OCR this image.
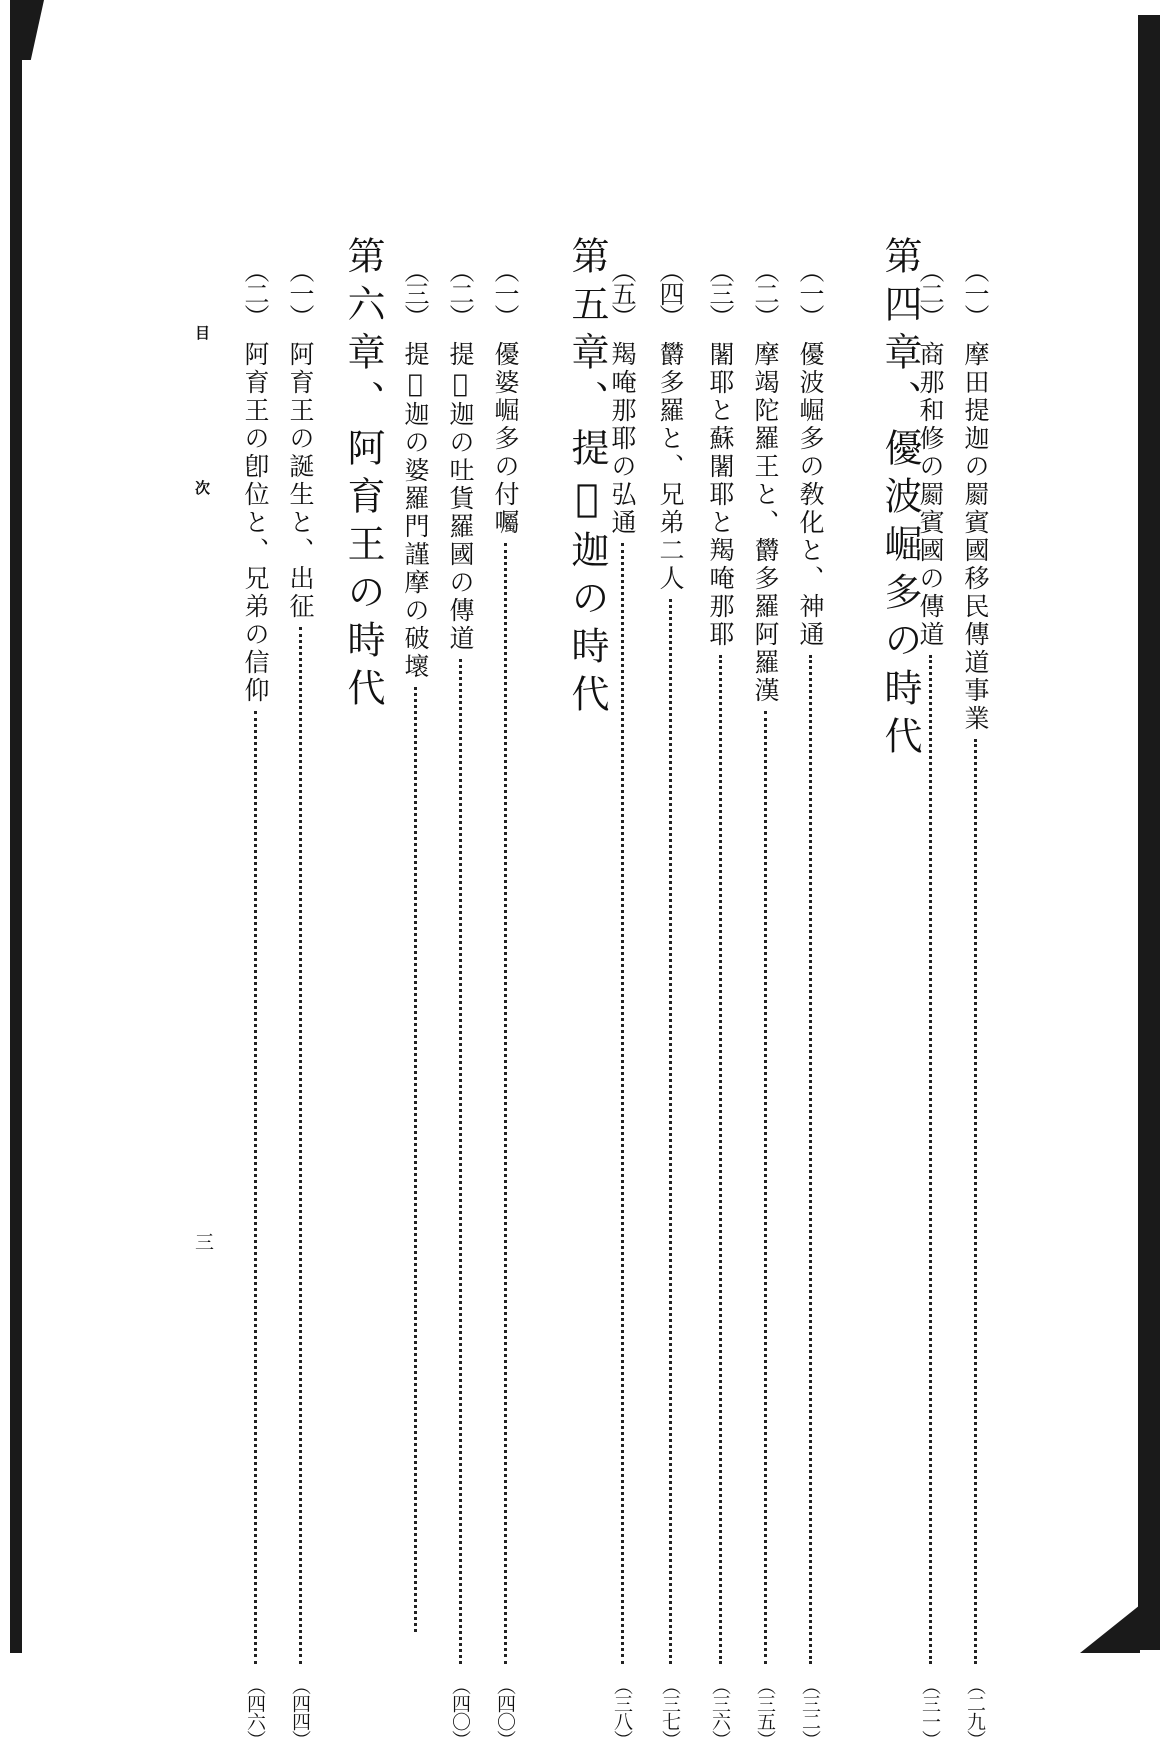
（一）
摩田提迦の罽賓國移民傳道事業
（二九）
（二）
商那和修の罽賓國の傳道
（三一）
第四章、優波崛多の時代
（一）
優波崛多の敎化と、神通
（三二）
（二）
摩竭陀羅王と、欝多羅阿羅漢
（三五）
（三）
闍耶と蘇闍耶と羯唵那耶
（三六）
（四）
欝多羅と、兄弟二人
（三七）
（五）
羯唵那耶の弘通
（三八）
第五章、提𫁶迦の時代
（一）
優婆崛多の付囑
（四〇）
（二）
提𫁶迦の吐貨羅國の傳道
（四〇）
（三）
提𫁶迦の婆羅門謹摩の破壞
第六章、阿育王の時代
（一）
阿育王の誕生と、出征
（四四）
（二）
阿育王の卽位と、兄弟の信仰
（四六）
目次
三
